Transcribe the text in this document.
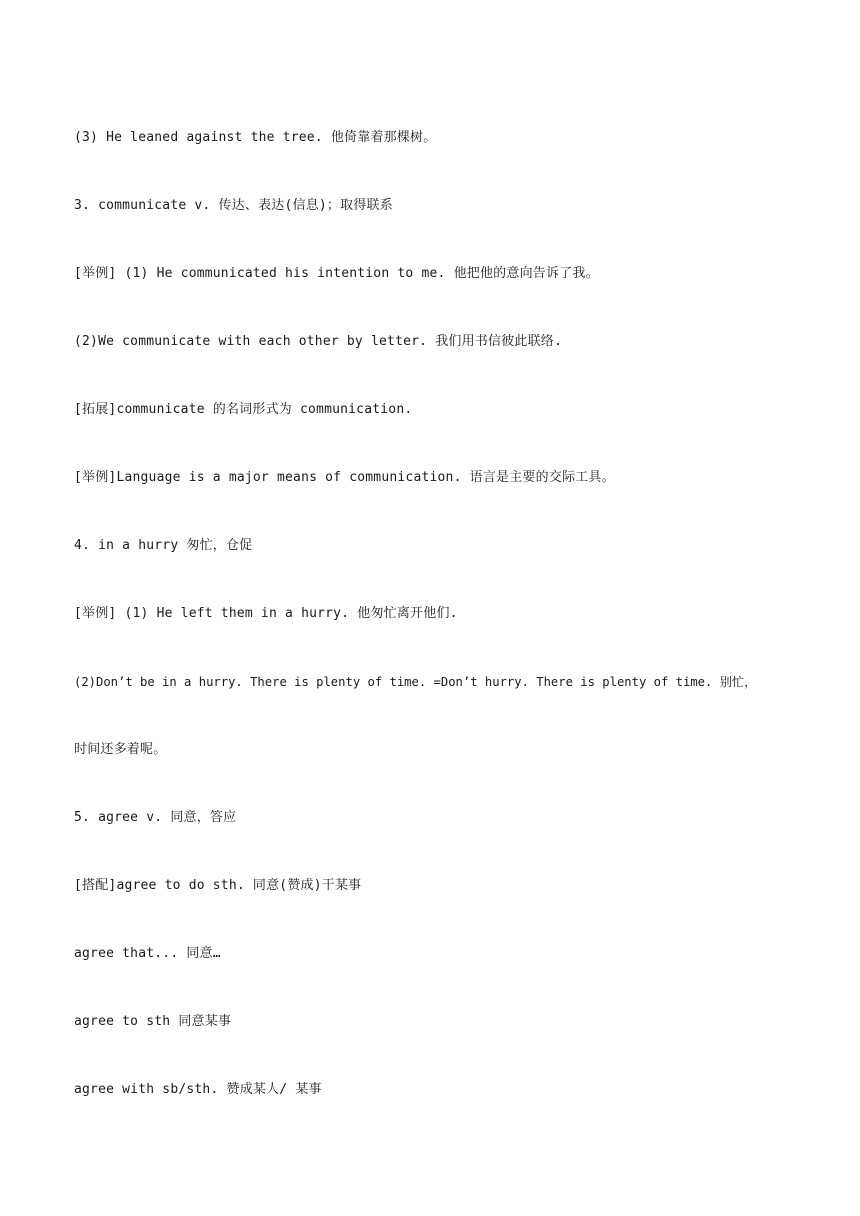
(3) He leaned against the tree. 他倚靠着那棵树。
3. communicate v. 传达、表达(信息)；取得联系
[举例] (1) He communicated his intention to me. 他把他的意向告诉了我。
(2)We communicate with each other by letter. 我们用书信彼此联络.
[拓展]communicate 的名词形式为 communication.
[举例]Language is a major means of communication. 语言是主要的交际工具。
4. in a hurry 匆忙，仓促
[举例] (1) He left them in a hurry. 他匆忙离开他们.
(2)Don’t be in a hurry. There is plenty of time. =Don’t hurry. There is plenty of time. 别忙，
时间还多着呢。
5. agree v. 同意，答应
[搭配]agree to do sth. 同意(赞成)干某事
agree that... 同意…
agree to sth 同意某事
agree with sb/sth. 赞成某人/ 某事
